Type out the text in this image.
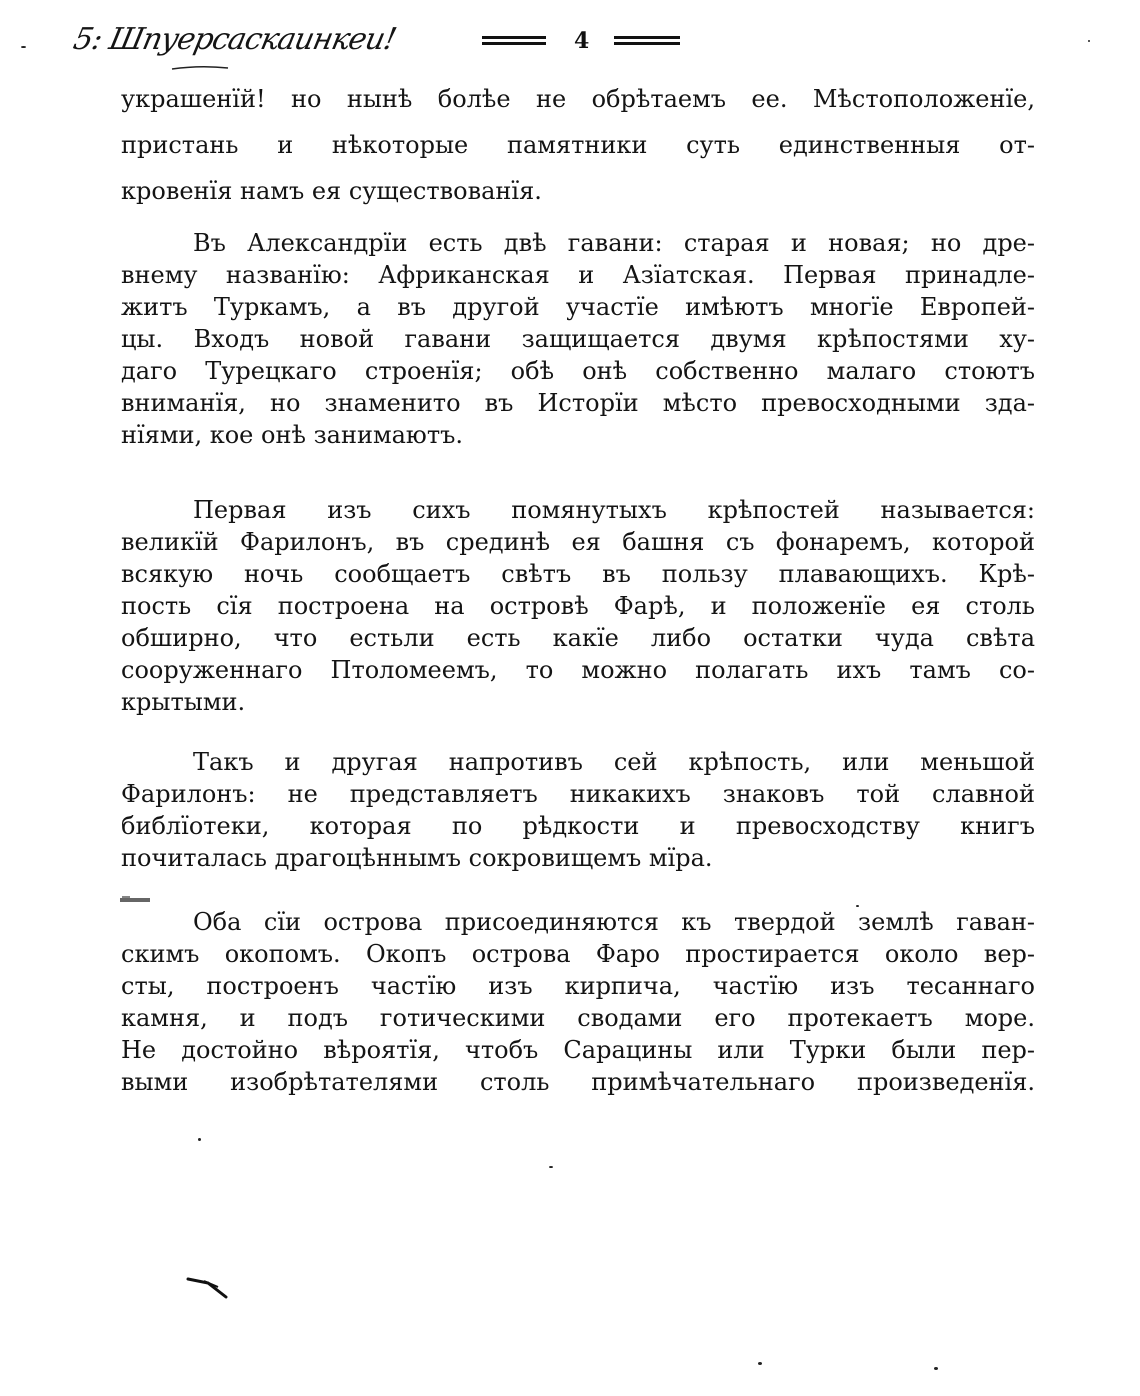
5: Шпуерсаскаинкеи!	4
украшенїй! но нынѣ болѣе не обрѣтаемъ ее. Мѣстоположенїе,
пристань и нѣкоторые памятники суть единственныя от-
кровенїя намъ ея существованїя.
Въ Александрїи есть двѣ гавани: старая и новая; но дре-
внему названїю: Африканская и Азїатская. Первая принадле-
житъ Туркамъ, а въ другой участїе имѣютъ многїе Европей-
цы. Входъ новой гавани защищается двумя крѣпостями ху-
даго Турецкаго строенїя; обѣ онѣ собственно малаго стоютъ
вниманїя, но знаменито въ Исторїи мѣсто превосходными зда-
нїями, кое онѣ занимаютъ.
Первая изъ сихъ помянутыхъ крѣпостей называется:
великїй Фарилонъ, въ срединѣ ея башня съ фонаремъ, которой
всякую ночь сообщаетъ свѣтъ въ пользу плавающихъ. Крѣ-
пость сїя построена на островѣ Фарѣ, и положенїе ея столь
обширно, что естьли есть какїе либо остатки чуда свѣта
сооруженнаго Птоломеемъ, то можно полагать ихъ тамъ со-
крытыми.
Такъ и другая напротивъ сей крѣпость, или меньшой
Фарилонъ: не представляетъ никакихъ знаковъ той славной
библїотеки, которая по рѣдкости и превосходству книгъ
почиталась драгоцѣннымъ сокровищемъ мїра.
Оба сїи острова присоединяются къ твердой землѣ гаван-
скимъ окопомъ. Окопъ острова Фаро простирается около вер-
сты, построенъ частїю изъ кирпича, частїю изъ тесаннаго
камня, и подъ готическими сводами его протекаетъ море.
Не достойно вѣроятїя, чтобъ Сарацины или Турки были пер-
выми изобрѣтателями столь примѣчательнаго произведенїя.
